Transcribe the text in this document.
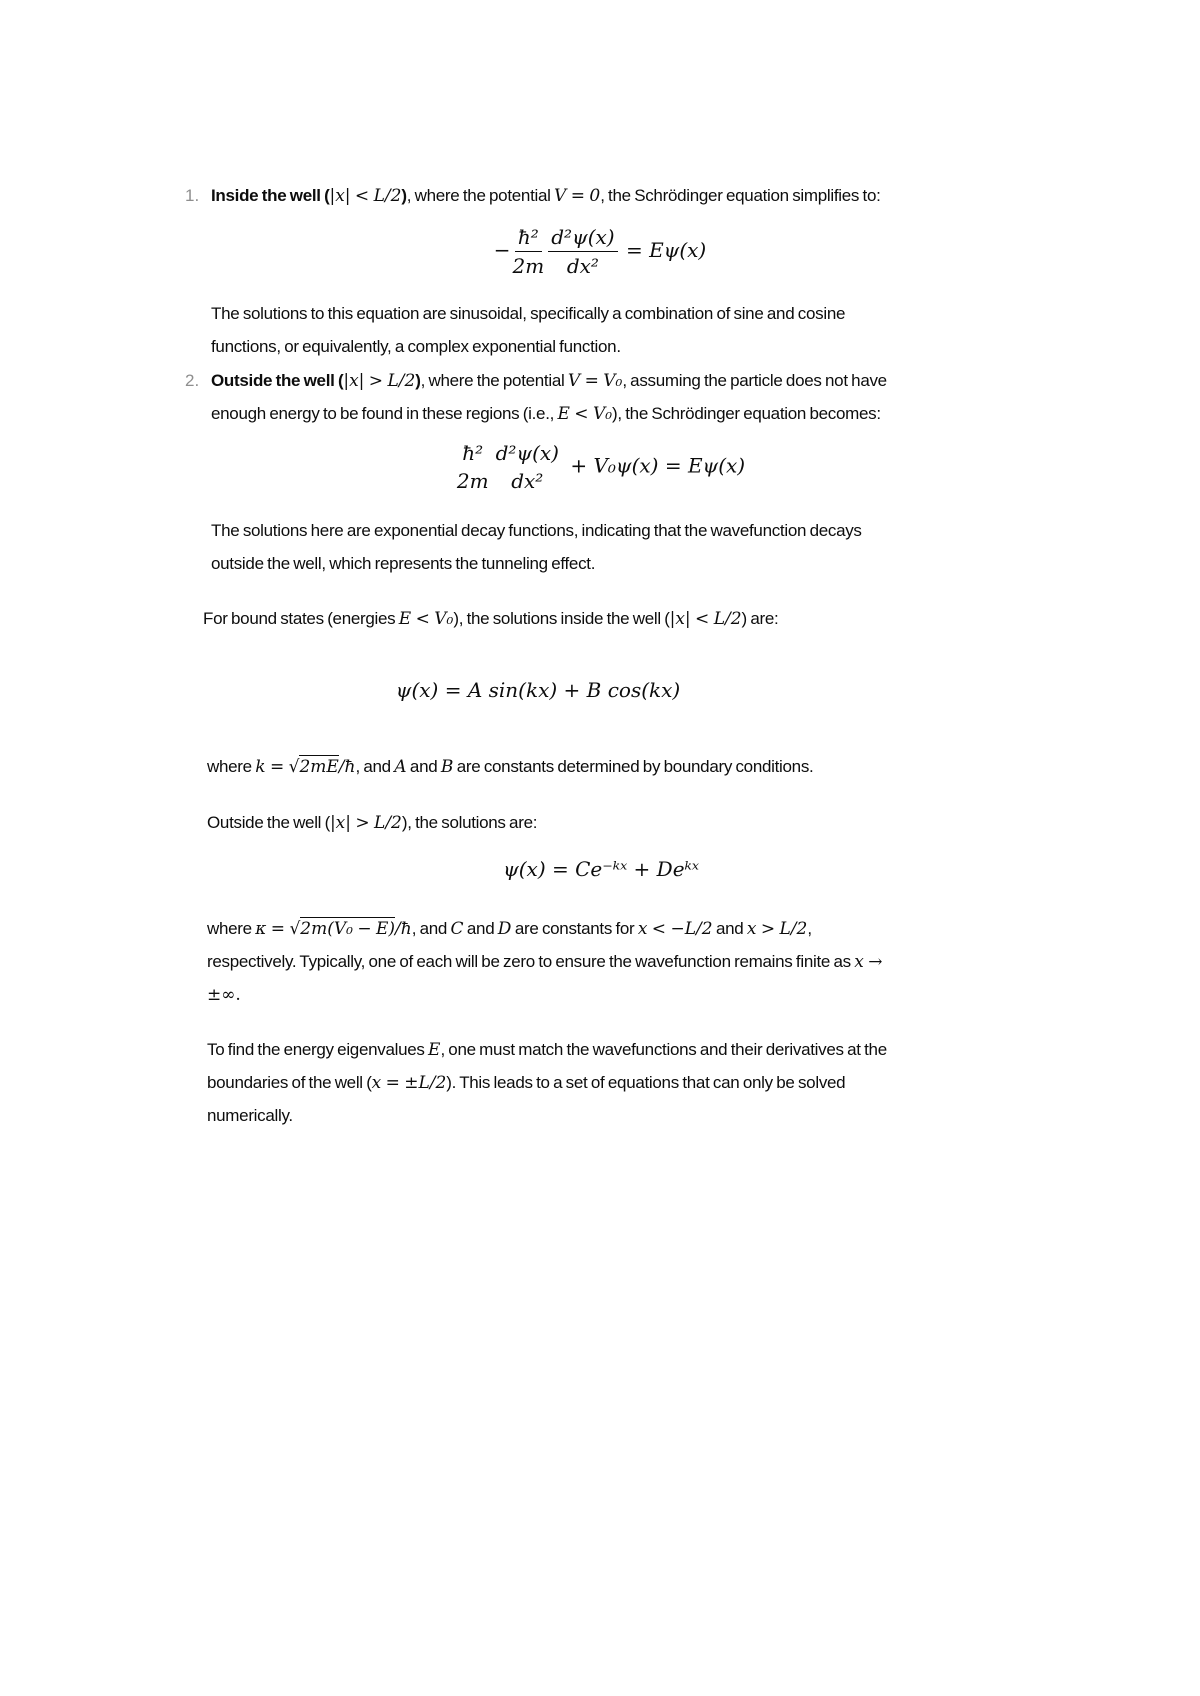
1. Inside the well (|x| < L/2), where the potential V = 0, the Schrödinger equation simplifies to:
− $\frac{\text{ħ²}}{2m} \frac{\text{d²ψ(x)}}{\text{dx²}} = E\psi(x)$
The solutions to this equation are sinusoidal, specifically a combination of sine and cosine
functions, or equivalently, a complex exponential function.
2. Outside the well (|x| > L/2), where the potential V = V₀, assuming the particle does not have
enough energy to be found in these regions (i.e., E < V₀), the Schrödinger equation becomes:
ħ²
2m
d²ψ(x)
dx²
+ V₀ψ(x) = Eψ(x)
The solutions here are exponential decay functions, indicating that the wavefunction decays
outside the well, which represents the tunneling effect.
For bound states (energies E < V₀), the solutions inside the well (|x| < L/2) are:
ψ(x) = A sin(kx) + B cos(kx)
where k = √2mE/ħ, and A and B are constants determined by boundary conditions.
Outside the well (|x| > L/2), the solutions are:
ψ(x) = Ce⁻ᵏˣ + Deᵏˣ
where κ = √2m(V₀ − E)/ħ, and C and D are constants for x < −L/2 and x > L/2,
respectively. Typically, one of each will be zero to ensure the wavefunction remains finite as x →
±∞.
To find the energy eigenvalues E, one must match the wavefunctions and their derivatives at the
boundaries of the well (x = ±L/2). This leads to a set of equations that can only be solved
numerically.
